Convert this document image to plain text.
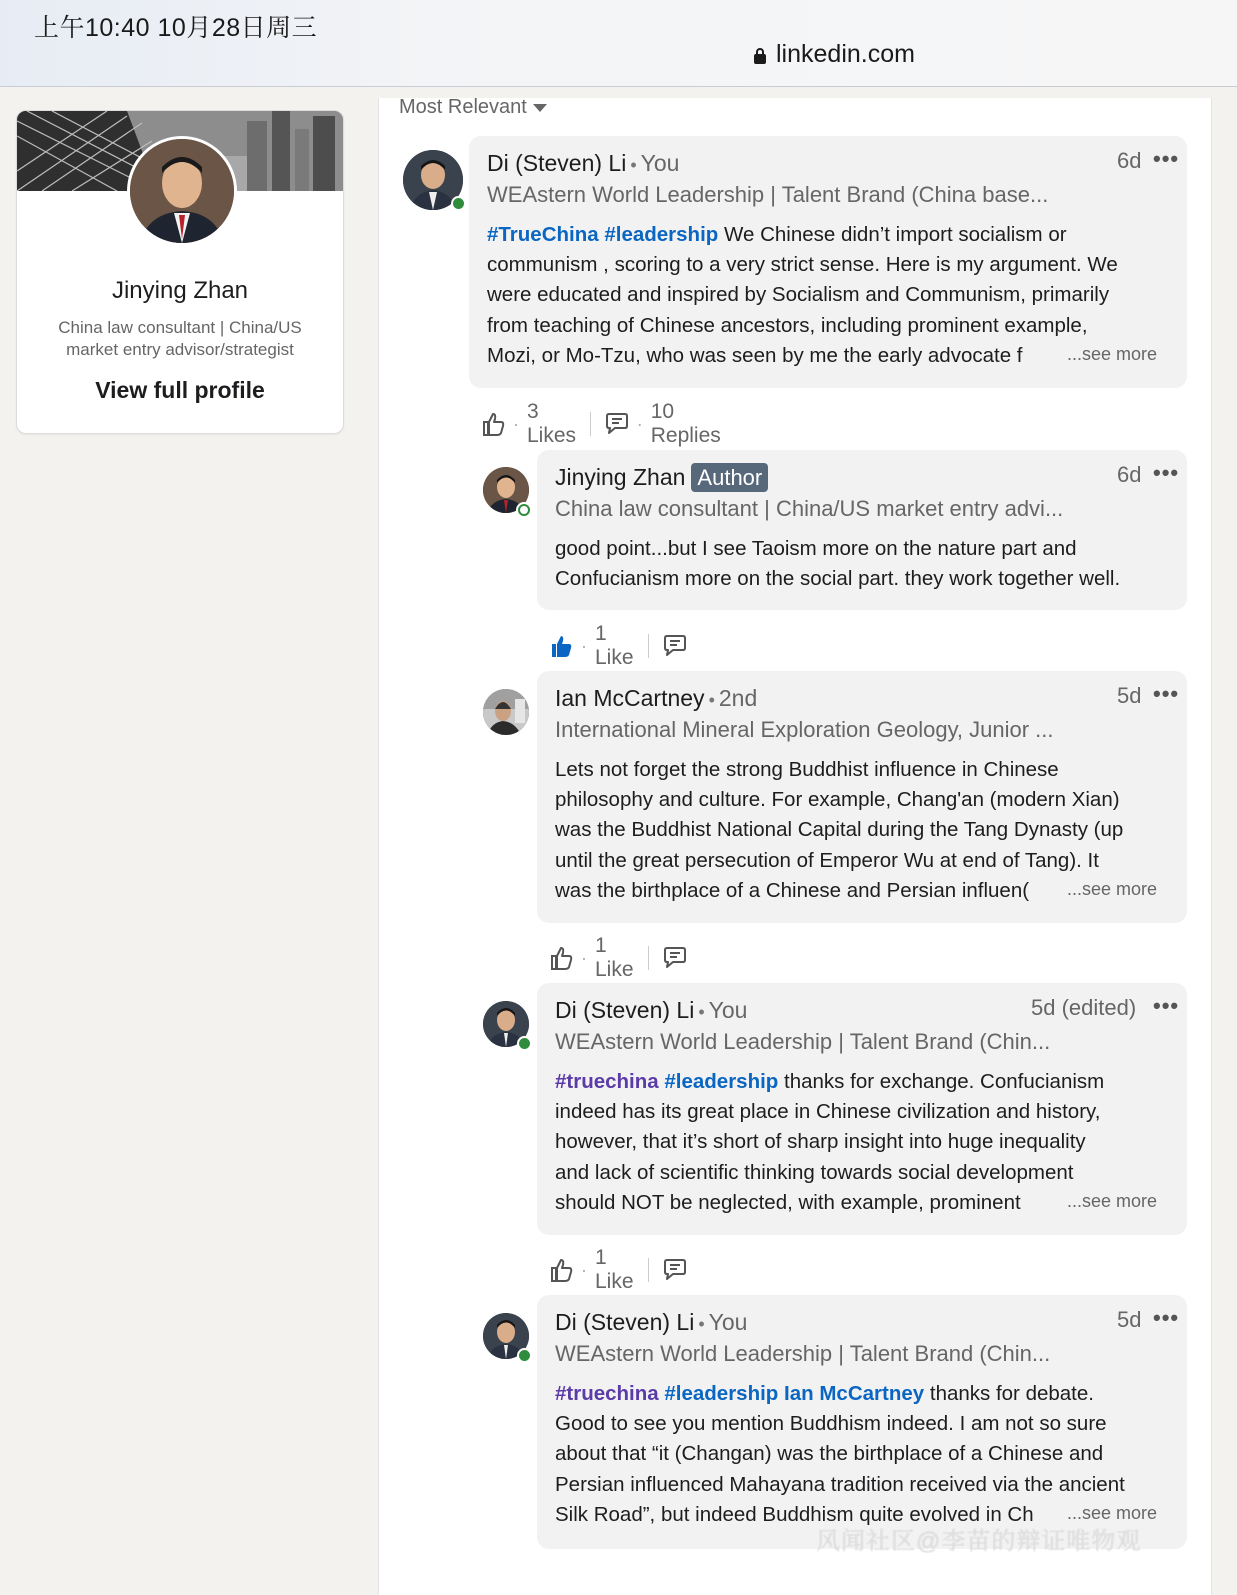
上午10:40 10月28日周三
linkedin.com
Jinying Zhan
China law consultant | China/US market entry advisor/strategist
View full profile
Most Relevant
Di (Steven) Li • You	6d •••
WEAstern World Leadership | Talent Brand (China base...
#TrueChina #leadership We Chinese didn’t import socialism or
communism , scoring to a very strict sense. Here is my argument. We
were educated and inspired by Socialism and Communism, primarily
from teaching of Chinese ancestors, including prominent example,
Mozi, or Mo-Tzu, who was seen by me the early advocate f	...see more
·
3 Likes
·
10 Replies
Jinying Zhan Author	6d •••
China law consultant | China/US market entry advi...
good point...but I see Taoism more on the nature part and
Confucianism more on the social part. they work together well.
·
1 Like
Ian McCartney • 2nd	5d •••
International Mineral Exploration Geology, Junior ...
Lets not forget the strong Buddhist influence in Chinese
philosophy and culture. For example, Chang'an (modern Xian)
was the Buddhist National Capital during the Tang Dynasty (up
until the great persecution of Emperor Wu at end of Tang). It
was the birthplace of a Chinese and Persian influen(	...see more
·
1 Like
Di (Steven) Li • You	5d (edited) •••
WEAstern World Leadership | Talent Brand (Chin...
#truechina #leadership thanks for exchange. Confucianism
indeed has its great place in Chinese civilization and history,
however, that it’s short of sharp insight into huge inequality
and lack of scientific thinking towards social development
should NOT be neglected, with example, prominent	...see more
·
1 Like
Di (Steven) Li • You	5d •••
WEAstern World Leadership | Talent Brand (Chin...
#truechina #leadership Ian McCartney thanks for debate.
Good to see you mention Buddhism indeed. I am not so sure
about that “it (Changan) was the birthplace of a Chinese and
Persian influenced Mahayana tradition received via the ancient
Silk Road”, but indeed Buddhism quite evolved in Ch	...see more
风闻社区@李苗的辩证唯物观
